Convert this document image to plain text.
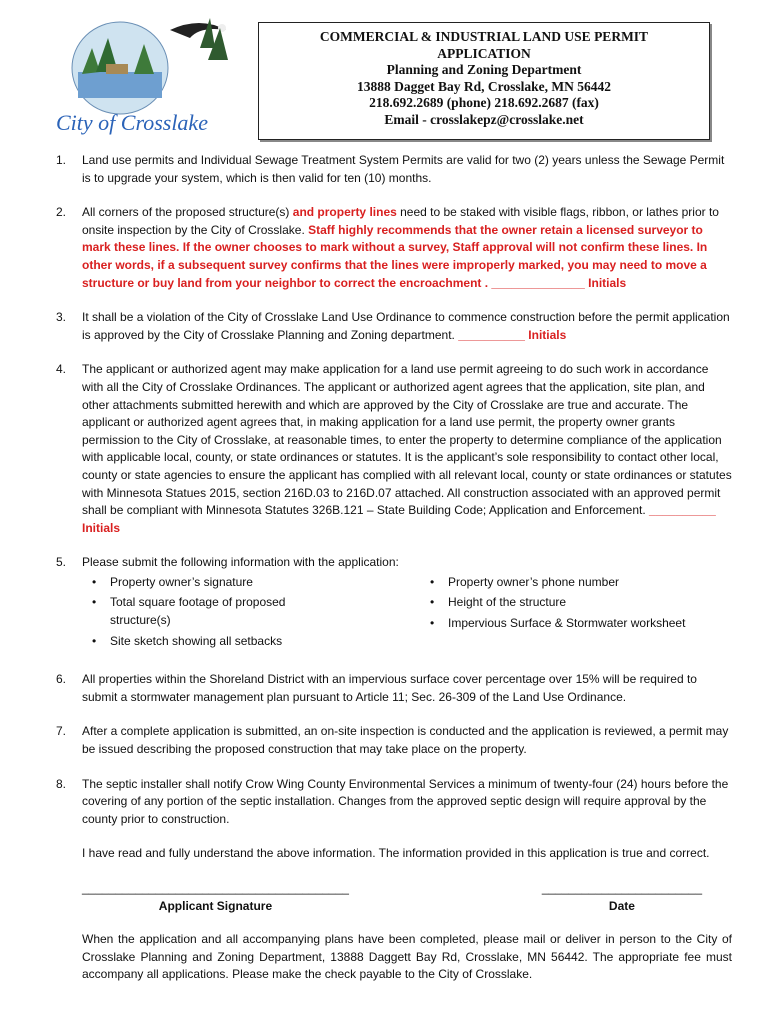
City of Crosslake
COMMERCIAL & INDUSTRIAL LAND USE PERMIT
APPLICATION
Planning and Zoning Department
13888 Dagget Bay Rd, Crosslake, MN 56442
218.692.2689 (phone) 218.692.2687 (fax)
Email - crosslakepz@crosslake.net
1. Land use permits and Individual Sewage Treatment System Permits are valid for two (2) years unless the Sewage Permit is to upgrade your system, which is then valid for ten (10) months.

2. All corners of the proposed structure(s) and property lines need to be staked with visible flags, ribbon, or lathes prior to onsite inspection by the City of Crosslake. Staff highly recommends that the owner retain a licensed surveyor to mark these lines. If the owner chooses to mark without a survey, Staff approval will not confirm these lines. In other words, if a subsequent survey confirms that the lines were improperly marked, you may need to move a structure or buy land from your neighbor to correct the encroachment . ______________ Initials

3. It shall be a violation of the City of Crosslake Land Use Ordinance to commence construction before the permit application is approved by the City of Crosslake Planning and Zoning department. __________ Initials

4. The applicant or authorized agent may make application for a land use permit agreeing to do such work in accordance with all the City of Crosslake Ordinances. The applicant or authorized agent agrees that the application, site plan, and other attachments submitted herewith and which are approved by the City of Crosslake are true and accurate. The applicant or authorized agent agrees that, in making application for a land use permit, the property owner grants permission to the City of Crosslake, at reasonable times, to enter the property to determine compliance of the application with applicable local, county, or state ordinances or statutes. It is the applicant’s sole responsibility to contact other local, county or state agencies to ensure the applicant has complied with all relevant local, county or state ordinances or statutes with Minnesota Statues 2015, section 216D.03 to 216D.07 attached. All construction associated with an approved permit shall be compliant with Minnesota Statutes 326B.121 – State Building Code; Application and Enforcement. __________ Initials

5. Please submit the following information with the application:

• Property owner’s signature
• Total square footage of proposed structure(s)
• Site sketch showing all setbacks
• Property owner’s phone number
• Height of the structure
• Impervious Surface & Stormwater worksheet
6. All properties within the Shoreland District with an impervious surface cover percentage over 15% will be required to submit a stormwater management plan pursuant to Article 11; Sec. 26-309 of the Land Use Ordinance.

7. After a complete application is submitted, an on-site inspection is conducted and the application is reviewed, a permit may be issued describing the proposed construction that may take place on the property.

8. The septic installer shall notify Crow Wing County Environmental Services a minimum of twenty-four (24) hours before the covering of any portion of the septic installation. Changes from the approved septic design will require approval by the county prior to construction.

I have read and fully understand the above information. The information provided in this application is true and correct.

________________________________________
Applicant Signature
________________________
Date

When the application and all accompanying plans have been completed, please mail or deliver in person to the City of Crosslake Planning and Zoning Department, 13888 Daggett Bay Rd, Crosslake, MN 56442. The appropriate fee must accompany all applications. Please make the check payable to the City of Crosslake.
